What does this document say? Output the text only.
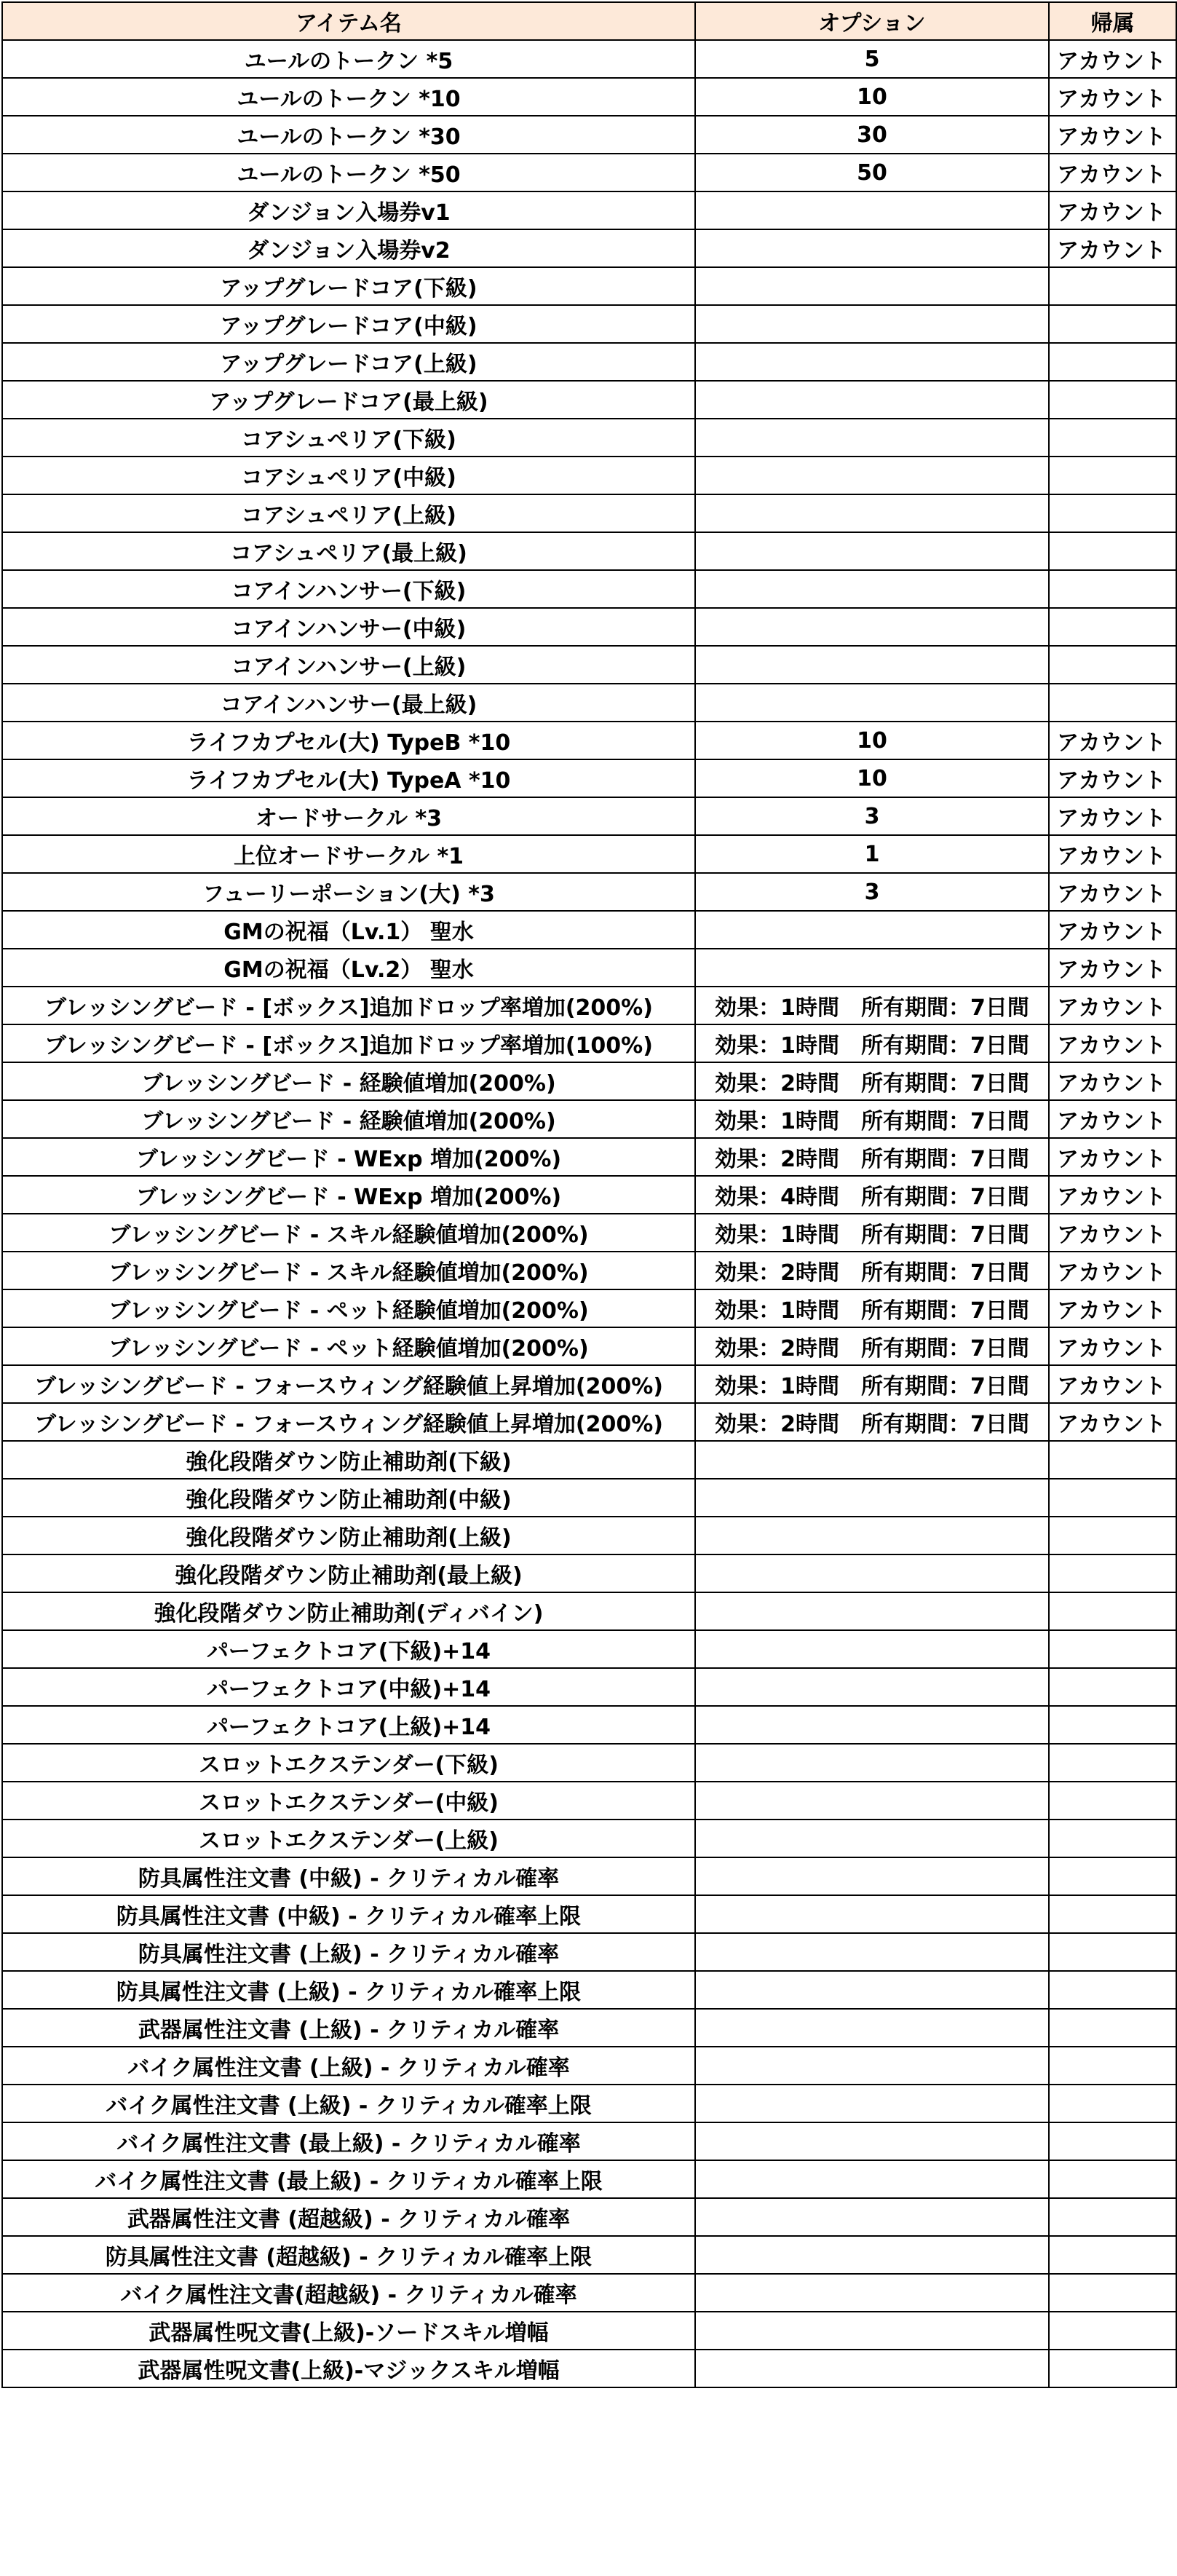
アイテム名	オプション	帰属
ユールのトークン *5	5	アカウント
ユールのトークン *10	10	アカウント
ユールのトークン *30	30	アカウント
ユールのトークン *50	50	アカウント
ダンジョン入場券v1		アカウント
ダンジョン入場券v2		アカウント
アップグレードコア(下級)		
アップグレードコア(中級)		
アップグレードコア(上級)		
アップグレードコア(最上級)		
コアシュペリア(下級)		
コアシュペリア(中級)		
コアシュペリア(上級)		
コアシュペリア(最上級)		
コアインハンサー(下級)		
コアインハンサー(中級)		
コアインハンサー(上級)		
コアインハンサー(最上級)		
ライフカプセル(大) TypeB *10	10	アカウント
ライフカプセル(大) TypeA *10	10	アカウント
オードサークル *3	3	アカウント
上位オードサークル *1	1	アカウント
フューリーポーション(大) *3	3	アカウント
GMの祝福（Lv.1） 聖水		アカウント
GMの祝福（Lv.2） 聖水		アカウント
ブレッシングビード - [ボックス]追加ドロップ率増加(200%)	効果：1時間　所有期間：7日間	アカウント
ブレッシングビード - [ボックス]追加ドロップ率増加(100%)	効果：1時間　所有期間：7日間	アカウント
ブレッシングビード - 経験値増加(200%)	効果：2時間　所有期間：7日間	アカウント
ブレッシングビード - 経験値増加(200%)	効果：1時間　所有期間：7日間	アカウント
ブレッシングビード - WExp 増加(200%)	効果：2時間　所有期間：7日間	アカウント
ブレッシングビード - WExp 増加(200%)	効果：4時間　所有期間：7日間	アカウント
ブレッシングビード - スキル経験値増加(200%)	効果：1時間　所有期間：7日間	アカウント
ブレッシングビード - スキル経験値増加(200%)	効果：2時間　所有期間：7日間	アカウント
ブレッシングビード - ペット経験値増加(200%)	効果：1時間　所有期間：7日間	アカウント
ブレッシングビード - ペット経験値増加(200%)	効果：2時間　所有期間：7日間	アカウント
ブレッシングビード - フォースウィング経験値上昇増加(200%)	効果：1時間　所有期間：7日間	アカウント
ブレッシングビード - フォースウィング経験値上昇増加(200%)	効果：2時間　所有期間：7日間	アカウント
強化段階ダウン防止補助剤(下級)		
強化段階ダウン防止補助剤(中級)		
強化段階ダウン防止補助剤(上級)		
強化段階ダウン防止補助剤(最上級)		
強化段階ダウン防止補助剤(ディバイン)		
パーフェクトコア(下級)+14		
パーフェクトコア(中級)+14		
パーフェクトコア(上級)+14		
スロットエクステンダー(下級)		
スロットエクステンダー(中級)		
スロットエクステンダー(上級)		
防具属性注文書 (中級) - クリティカル確率		
防具属性注文書 (中級) - クリティカル確率上限		
防具属性注文書 (上級) - クリティカル確率		
防具属性注文書 (上級) - クリティカル確率上限		
武器属性注文書 (上級) - クリティカル確率		
バイク属性注文書 (上級) - クリティカル確率		
バイク属性注文書 (上級) - クリティカル確率上限		
バイク属性注文書 (最上級) - クリティカル確率		
バイク属性注文書 (最上級) - クリティカル確率上限		
武器属性注文書 (超越級) - クリティカル確率		
防具属性注文書 (超越級) - クリティカル確率上限		
バイク属性注文書(超越級) - クリティカル確率		
武器属性呪文書(上級)-ソードスキル増幅		
武器属性呪文書(上級)-マジックスキル増幅		
